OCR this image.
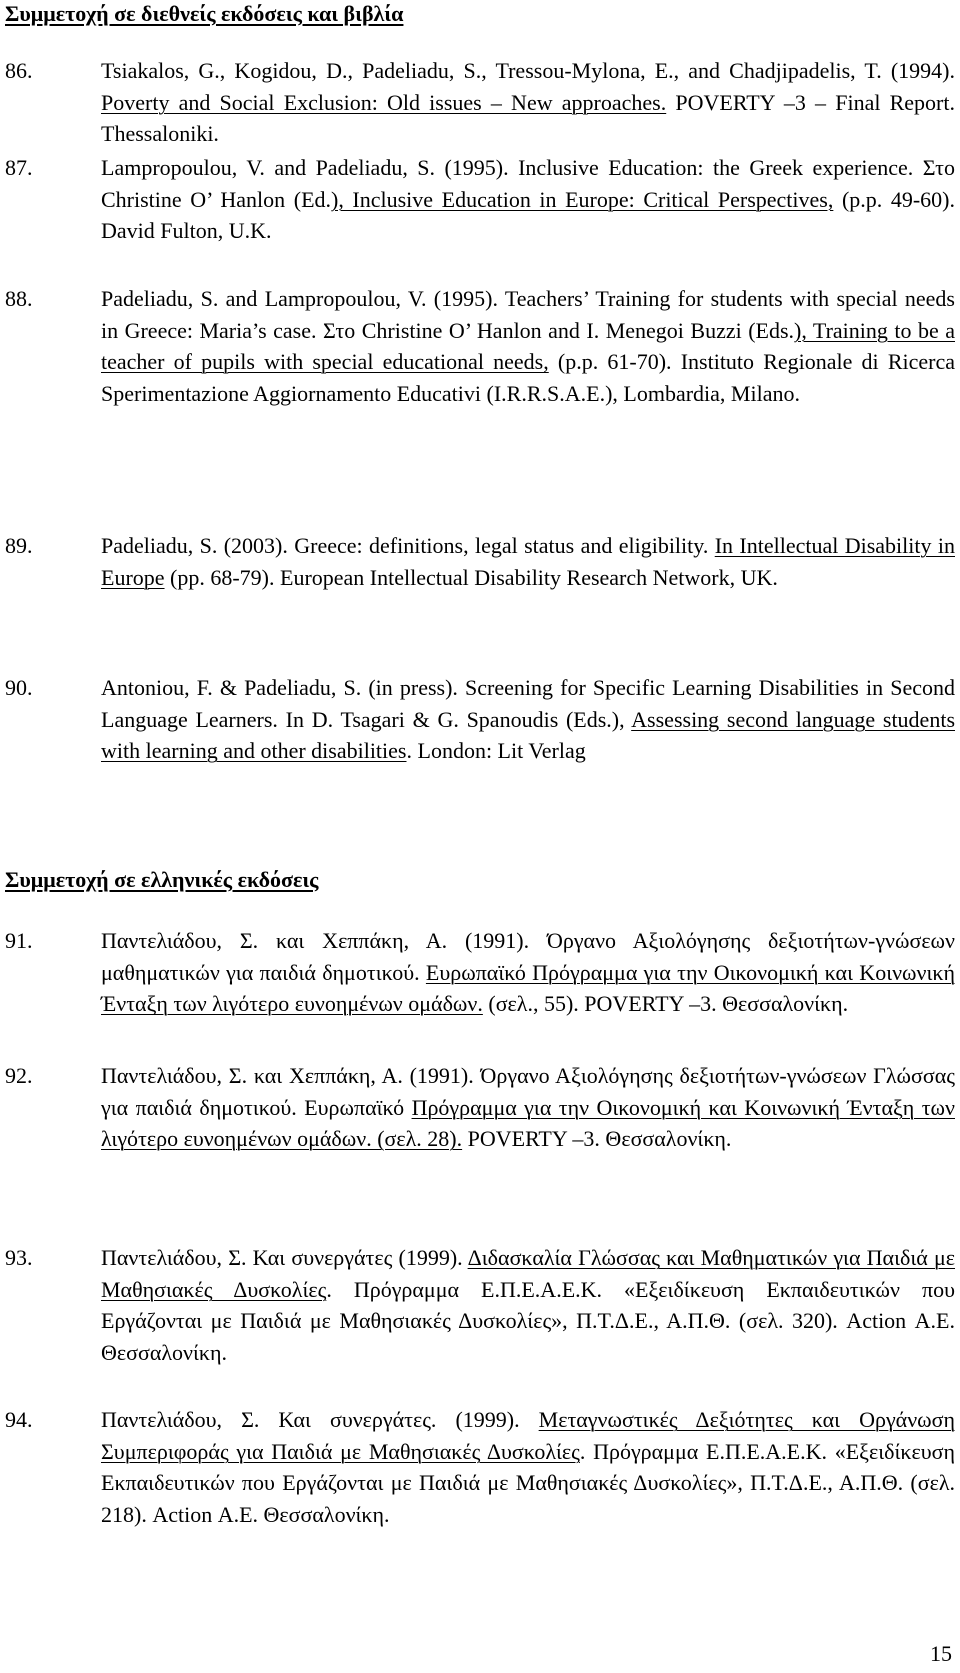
Συμμετοχή σε διεθνείς εκδόσεις και βιβλία

86.	Tsiakalos, G., Kogidou, D., Padeliadu, S., Tressou-Mylona, E., and Chadjipadelis, T. (1994). Poverty and Social Exclusion: Old issues – New approaches. POVERTY –3 – Final Report. Thessaloniki.

87.	Lampropoulou, V. and Padeliadu, S. (1995). Inclusive Education: the Greek experience. Στο Christine O’ Hanlon (Ed.), Inclusive Education in Europe: Critical Perspectives, (p.p. 49-60). David Fulton, U.K.

88.	Padeliadu, S. and Lampropoulou, V. (1995). Teachers’ Training for students with special needs in Greece: Maria’s case. Στο Christine O’ Hanlon and I. Menegoi Buzzi (Eds.), Training to be a teacher of pupils with special educational needs, (p.p. 61-70). Instituto Regionale di Ricerca Sperimentazione Aggiornamento Educativi (I.R.R.S.A.E.), Lombardia, Milano.

89.	Padeliadu, S. (2003). Greece: definitions, legal status and eligibility. In Intellectual Disability in Europe (pp. 68-79). European Intellectual Disability Research Network, UK.

90.	Antoniou, F. & Padeliadu, S. (in press). Screening for Specific Learning Disabilities in Second Language Learners. In D. Tsagari & G. Spanoudis (Eds.), Assessing second language students with learning and other disabilities. London: Lit Verlag

Συμμετοχή σε ελληνικές εκδόσεις

91.	Παντελιάδου, Σ. και Χεππάκη, Α. (1991). Όργανο Αξιολόγησης δεξιοτήτων-γνώσεων μαθηματικών για παιδιά δημοτικού. Ευρωπαϊκό Πρόγραμμα για την Οικονομική και Κοινωνική Ένταξη των λιγότερο ευνοημένων ομάδων. (σελ., 55). POVERTY –3. Θεσσαλονίκη.

92.	Παντελιάδου, Σ. και Χεππάκη, Α. (1991). Όργανο Αξιολόγησης δεξιοτήτων-γνώσεων Γλώσσας για παιδιά δημοτικού. Ευρωπαϊκό Πρόγραμμα για την Οικονομική και Κοινωνική Ένταξη των λιγότερο ευνοημένων ομάδων. (σελ. 28). POVERTY –3. Θεσσαλονίκη.

93.	Παντελιάδου, Σ. Και συνεργάτες (1999). Διδασκαλία Γλώσσας και Μαθηματικών για Παιδιά με Μαθησιακές Δυσκολίες. Πρόγραμμα Ε.Π.Ε.Α.Ε.Κ. «Εξειδίκευση Εκπαιδευτικών που Εργάζονται με Παιδιά με Μαθησιακές Δυσκολίες», Π.Τ.Δ.Ε., Α.Π.Θ. (σελ. 320). Action Α.Ε. Θεσσαλονίκη.

94.	Παντελιάδου, Σ. Και συνεργάτες. (1999). Μεταγνωστικές Δεξιότητες και Οργάνωση Συμπεριφοράς για Παιδιά με Μαθησιακές Δυσκολίες. Πρόγραμμα Ε.Π.Ε.Α.Ε.Κ. «Εξειδίκευση Εκπαιδευτικών που Εργάζονται με Παιδιά με Μαθησιακές Δυσκολίες», Π.Τ.Δ.Ε., Α.Π.Θ. (σελ. 218). Action Α.Ε. Θεσσαλονίκη.

15
